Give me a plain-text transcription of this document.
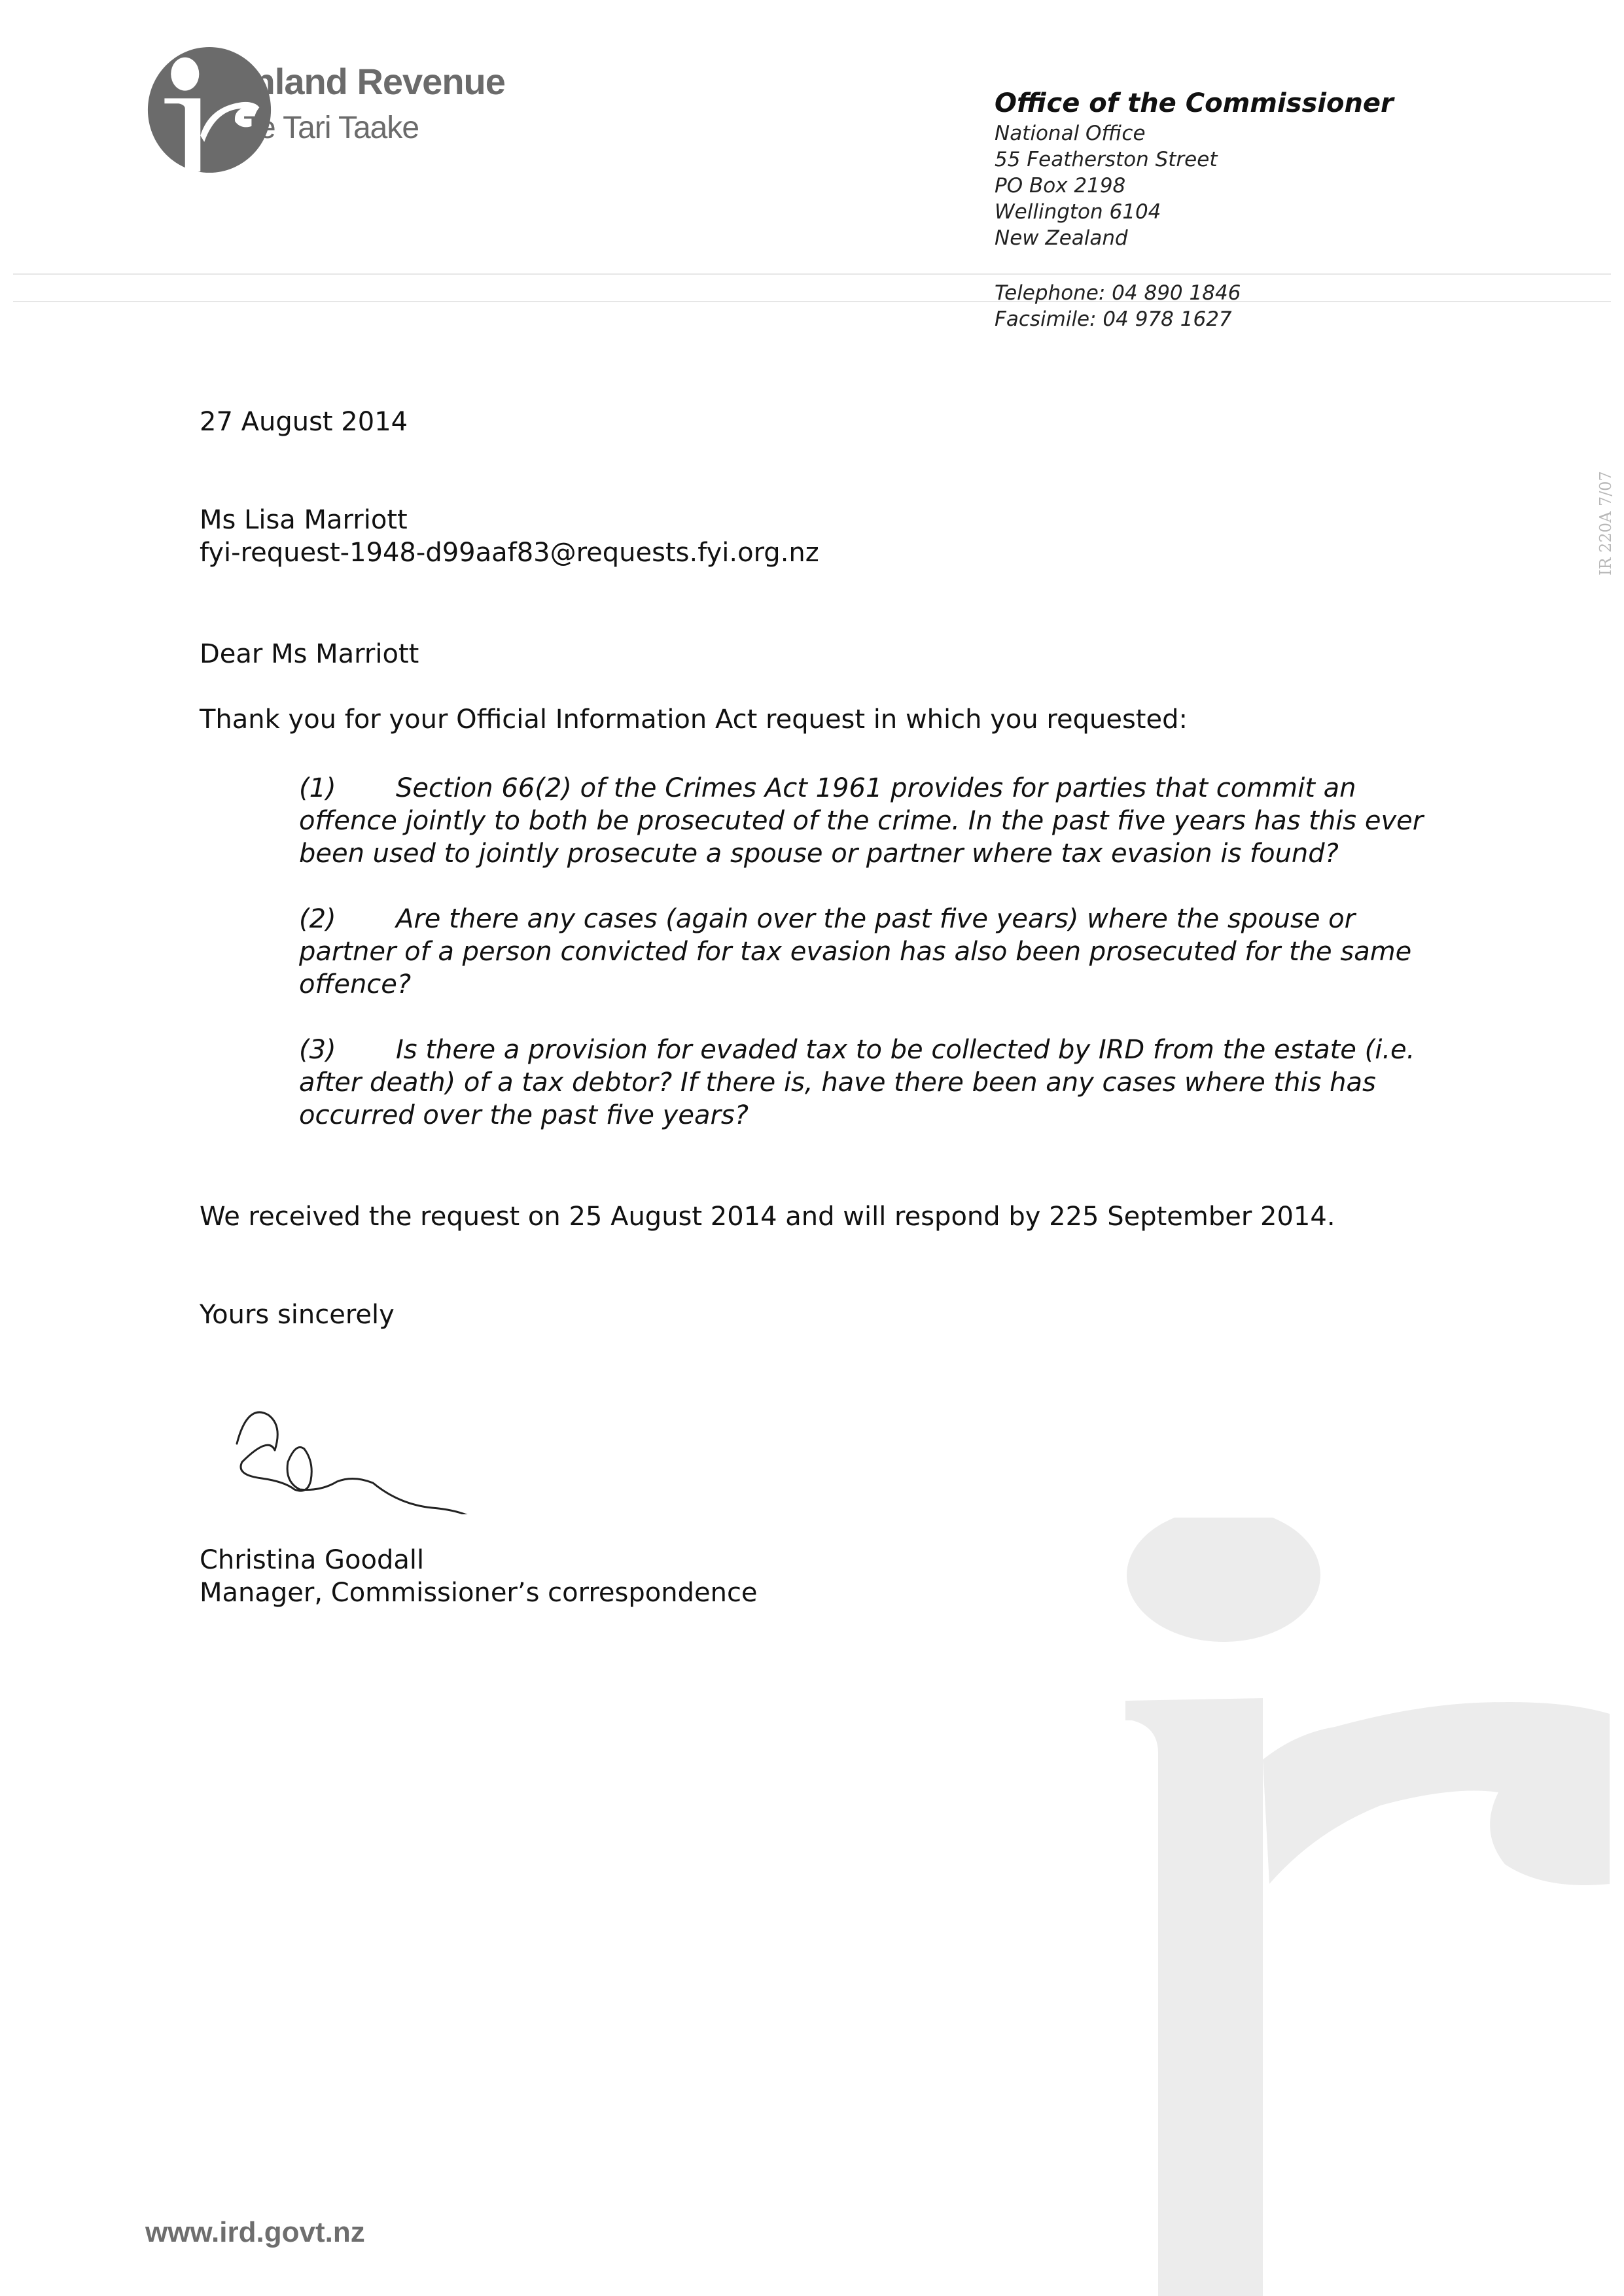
Inland Revenue
Te Tari Taake
Office of the Commissioner
National Office
55 Featherston Street
PO Box 2198
Wellington 6104
New Zealand
Telephone: 04 890 1846
Facsimile: 04 978 1627
IR 220A 7/07
27 August 2014
Ms Lisa Marriott
fyi-request-1948-d99aaf83@requests.fyi.org.nz
Dear Ms Marriott
Thank you for your Official Information Act request in which you requested:
(1) Section 66(2) of the Crimes Act 1961 provides for parties that commit an offence jointly to both be prosecuted of the crime. In the past five years has this ever been used to jointly prosecute a spouse or partner where tax evasion is found?
(2) Are there any cases (again over the past five years) where the spouse or partner of a person convicted for tax evasion has also been prosecuted for the same offence?
(3) Is there a provision for evaded tax to be collected by IRD from the estate (i.e. after death) of a tax debtor? If there is, have there been any cases where this has occurred over the past five years?
We received the request on 25 August 2014 and will respond by 225 September 2014.
Yours sincerely
Christina Goodall
Manager, Commissioner’s correspondence
www.ird.govt.nz
